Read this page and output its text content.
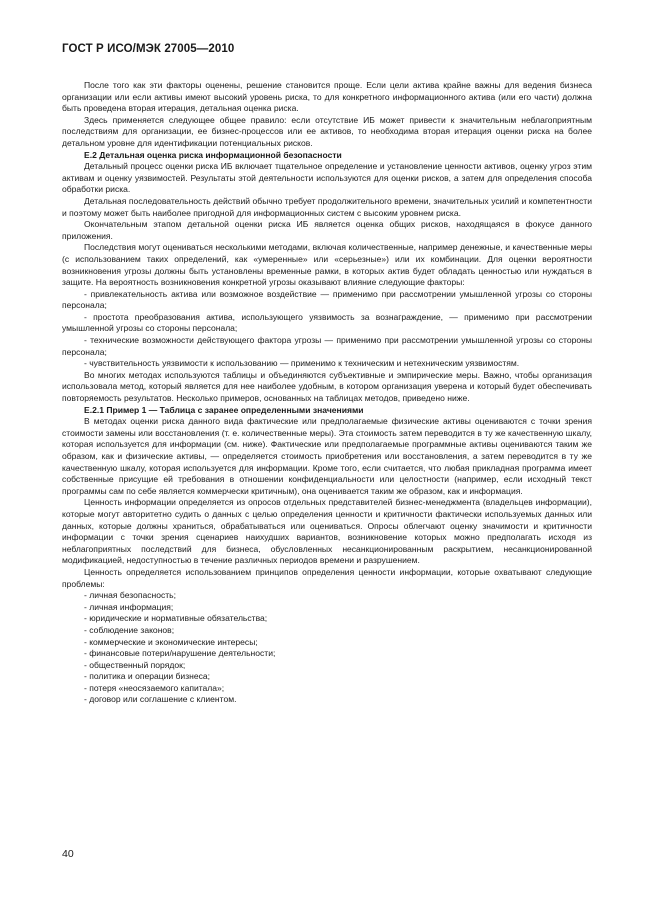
ГОСТ Р ИСО/МЭК 27005—2010

После того как эти факторы оценены, решение становится проще. Если цели актива крайне важны для ведения бизнеса организации или если активы имеют высокий уровень риска, то для конкретного информационного актива (или его части) должна быть проведена вторая итерация, детальная оценка риска.

Здесь применяется следующее общее правило: если отсутствие ИБ может привести к значительным неблагоприятным последствиям для организации, ее бизнес-процессов или ее активов, то необходима вторая итерация оценки риска на более детальном уровне для идентификации потенциальных рисков.

Е.2 Детальная оценка риска информационной безопасности

Детальный процесс оценки риска ИБ включает тщательное определение и установление ценности активов, оценку угроз этим активам и оценку уязвимостей. Результаты этой деятельности используются для оценки рисков, а затем для определения способа обработки риска.

Детальная последовательность действий обычно требует продолжительного времени, значительных усилий и компетентности и поэтому может быть наиболее пригодной для информационных систем с высоким уровнем риска.

Окончательным этапом детальной оценки риска ИБ является оценка общих рисков, находящаяся в фокусе данного приложения.

Последствия могут оцениваться несколькими методами, включая количественные, например денежные, и качественные меры (с использованием таких определений, как «умеренные» или «серьезные») или их комбинации. Для оценки вероятности возникновения угрозы должны быть установлены временные рамки, в которых актив будет обладать ценностью или нуждаться в защите. На вероятность возникновения конкретной угрозы оказывают влияние следующие факторы:

- привлекательность актива или возможное воздействие — применимо при рассмотрении умышленной угрозы со стороны персонала;

- простота преобразования актива, использующего уязвимость за вознаграждение, — применимо при рассмотрении умышленной угрозы со стороны персонала;

- технические возможности действующего фактора угрозы — применимо при рассмотрении умышленной угрозы со стороны персонала;

- чувствительность уязвимости к использованию — применимо к техническим и нетехническим уязвимостям.

Во многих методах используются таблицы и объединяются субъективные и эмпирические меры. Важно, чтобы организация использовала метод, который является для нее наиболее удобным, в котором организация уверена и который будет обеспечивать повторяемость результатов. Несколько примеров, основанных на таблицах методов, приведено ниже.

Е.2.1 Пример 1 — Таблица с заранее определенными значениями

В методах оценки риска данного вида фактические или предполагаемые физические активы оцениваются с точки зрения стоимости замены или восстановления (т. е. количественные меры). Эта стоимость затем переводится в ту же качественную шкалу, которая используется для информации (см. ниже). Фактические или предполагаемые программные активы оцениваются таким же образом, как и физические активы, — определяется стоимость приобретения или восстановления, а затем переводится в ту же качественную шкалу, которая используется для информации. Кроме того, если считается, что любая прикладная программа имеет собственные присущие ей требования в отношении конфиденциальности или целостности (например, если исходный текст программы сам по себе является коммерчески критичным), она оценивается таким же образом, как и информация.

Ценность информации определяется из опросов отдельных представителей бизнес-менеджмента (владельцев информации), которые могут авторитетно судить о данных с целью определения ценности и критичности фактически используемых данных или данных, которые должны храниться, обрабатываться или оцениваться. Опросы облегчают оценку значимости и критичности информации с точки зрения сценариев наихудших вариантов, возникновение которых можно предполагать исходя из неблагоприятных последствий для бизнеса, обусловленных несанкционированным раскрытием, несанкционированной модификацией, недоступностью в течение различных периодов времени и разрушением.

Ценность определяется использованием принципов определения ценности информации, которые охватывают следующие проблемы:

- личная безопасность;

- личная информация;

- юридические и нормативные обязательства;

- соблюдение законов;

- коммерческие и экономические интересы;

- финансовые потери/нарушение деятельности;

- общественный порядок;

- политика и операции бизнеса;

- потеря «неосязаемого капитала»;

- договор или соглашение с клиентом.

40
